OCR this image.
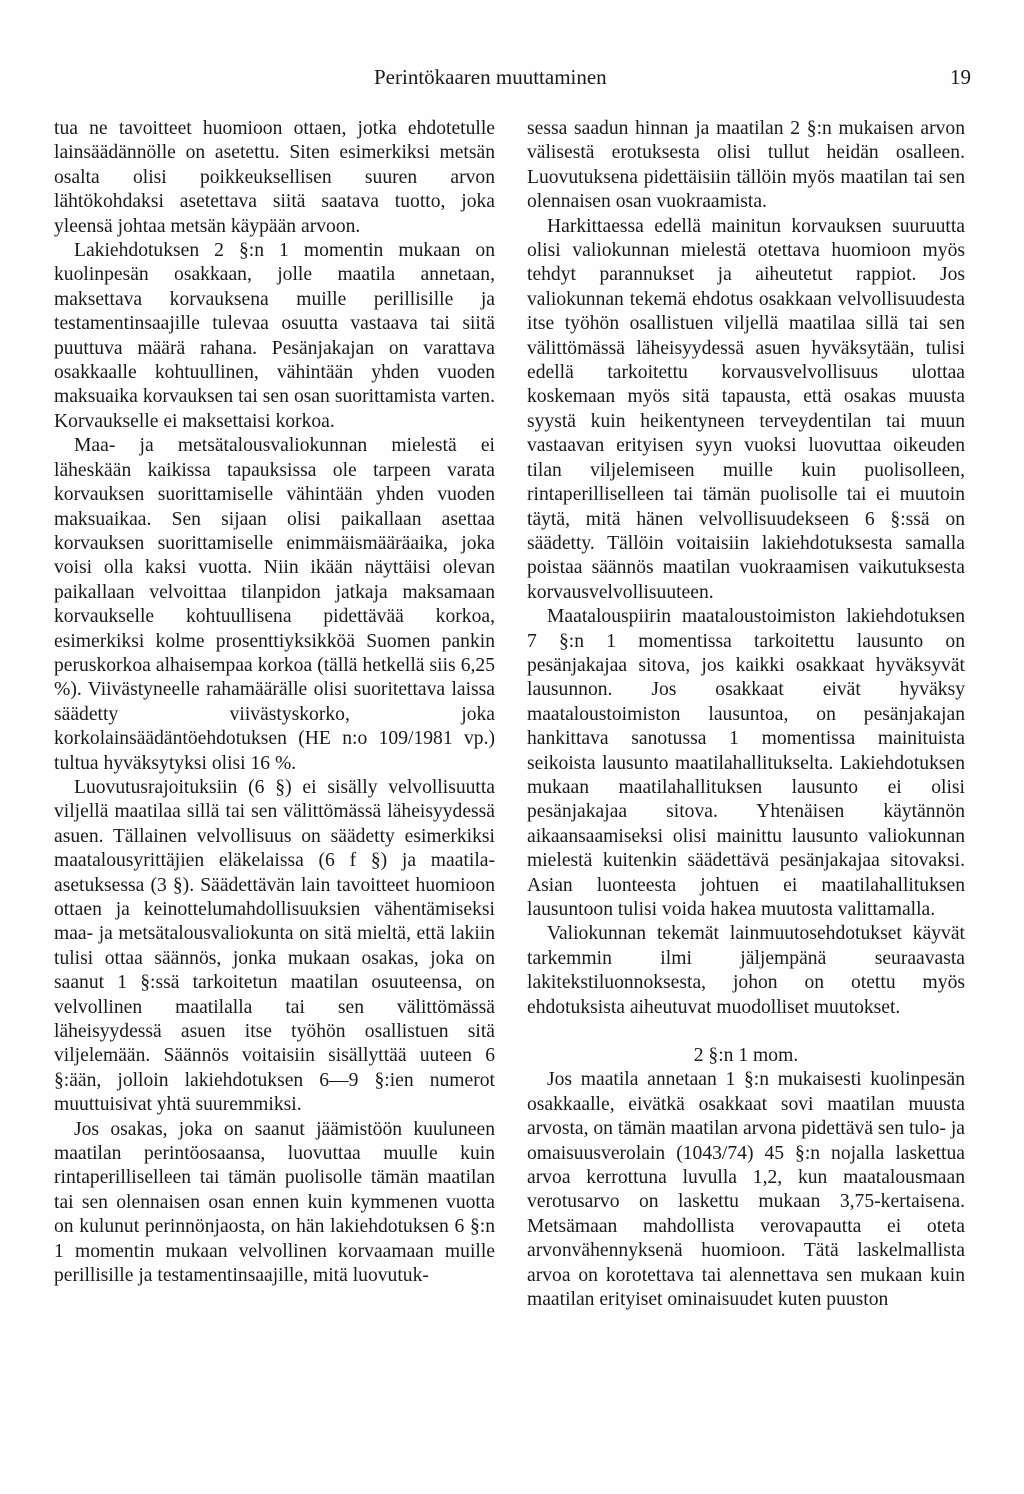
Perintökaaren muuttaminen	19

tua ne tavoitteet huomioon ottaen, jotka ehdotetulle lainsäädännölle on asetettu. Siten esimerkiksi metsän osalta olisi poikkeuksellisen suuren arvon lähtökohdaksi asetettava siitä saatava tuotto, joka yleensä johtaa metsän käypään arvoon.

Lakiehdotuksen 2 §:n 1 momentin mukaan on kuolinpesän osakkaan, jolle maatila annetaan, maksettava korvauksena muille perillisille ja testamentinsaajille tulevaa osuutta vastaava tai siitä puuttuva määrä rahana. Pesänjakajan on varattava osakkaalle kohtuullinen, vähintään yhden vuoden maksuaika korvauksen tai sen osan suorittamista varten. Korvaukselle ei maksettaisi korkoa.

Maa- ja metsätalousvaliokunnan mielestä ei läheskään kaikissa tapauksissa ole tarpeen varata korvauksen suorittamiselle vähintään yhden vuoden maksuaikaa. Sen sijaan olisi paikallaan asettaa korvauksen suorittamiselle enimmäismääräaika, joka voisi olla kaksi vuotta. Niin ikään näyttäisi olevan paikallaan velvoittaa tilanpidon jatkaja maksamaan korvaukselle kohtuullisena pidettävää korkoa, esimerkiksi kolme prosenttiyksikköä Suomen pankin peruskorkoa alhaisempaa korkoa (tällä hetkellä siis 6,25 %). Viivästyneelle rahamäärälle olisi suoritettava laissa säädetty viivästyskorko, joka korkolainsäädäntöehdotuksen (HE n:o 109/1981 vp.) tultua hyväksytyksi olisi 16 %.

Luovutusrajoituksiin (6 §) ei sisälly velvollisuutta viljellä maatilaa sillä tai sen välittömässä läheisyydessä asuen. Tällainen velvollisuus on säädetty esimerkiksi maatalousyrittäjien eläkelaissa (6 f §) ja maatila-asetuksessa (3 §). Säädettävän lain tavoitteet huomioon ottaen ja keinottelumahdollisuuksien vähentämiseksi maa- ja metsätalousvaliokunta on sitä mieltä, että lakiin tulisi ottaa säännös, jonka mukaan osakas, joka on saanut 1 §:ssä tarkoitetun maatilan osuuteensa, on velvollinen maatilalla tai sen välittömässä läheisyydessä asuen itse työhön osallistuen sitä viljelemään. Säännös voitaisiin sisällyttää uuteen 6 §:ään, jolloin lakiehdotuksen 6—9 §:ien numerot muuttuisivat yhtä suuremmiksi.

Jos osakas, joka on saanut jäämistöön kuuluneen maatilan perintöosaansa, luovuttaa muulle kuin rintaperilliselleen tai tämän puolisolle tämän maatilan tai sen olennaisen osan ennen kuin kymmenen vuotta on kulunut perinnönjaosta, on hän lakiehdotuksen 6 §:n 1 momentin mukaan velvollinen korvaamaan muille perillisille ja testamentinsaajille, mitä luovutuk-

sessa saadun hinnan ja maatilan 2 §:n mukaisen arvon välisestä erotuksesta olisi tullut heidän osalleen. Luovutuksena pidettäisiin tällöin myös maatilan tai sen olennaisen osan vuokraamista.

Harkittaessa edellä mainitun korvauksen suuruutta olisi valiokunnan mielestä otettava huomioon myös tehdyt parannukset ja aiheutetut rappiot. Jos valiokunnan tekemä ehdotus osakkaan velvollisuudesta itse työhön osallistuen viljellä maatilaa sillä tai sen välittömässä läheisyydessä asuen hyväksytään, tulisi edellä tarkoitettu korvausvelvollisuus ulottaa koskemaan myös sitä tapausta, että osakas muusta syystä kuin heikentyneen terveydentilan tai muun vastaavan erityisen syyn vuoksi luovuttaa oikeuden tilan viljelemiseen muille kuin puolisolleen, rintaperilliselleen tai tämän puolisolle tai ei muutoin täytä, mitä hänen velvollisuudekseen 6 §:ssä on säädetty. Tällöin voitaisiin lakiehdotuksesta samalla poistaa säännös maatilan vuokraamisen vaikutuksesta korvausvelvollisuuteen.

Maatalouspiirin maataloustoimiston lakiehdotuksen 7 §:n 1 momentissa tarkoitettu lausunto on pesänjakajaa sitova, jos kaikki osakkaat hyväksyvät lausunnon. Jos osakkaat eivät hyväksy maataloustoimiston lausuntoa, on pesänjakajan hankittava sanotussa 1 momentissa mainituista seikoista lausunto maatilahallitukselta. Lakiehdotuksen mukaan maatilahallituksen lausunto ei olisi pesänjakajaa sitova. Yhtenäisen käytännön aikaansaamiseksi olisi mainittu lausunto valiokunnan mielestä kuitenkin säädettävä pesänjakajaa sitovaksi. Asian luonteesta johtuen ei maatilahallituksen lausuntoon tulisi voida hakea muutosta valittamalla.

Valiokunnan tekemät lainmuutosehdotukset käyvät tarkemmin ilmi jäljempänä seuraavasta lakitekstiluonnoksesta, johon on otettu myös ehdotuksista aiheutuvat muodolliset muutokset.

2 §:n 1 mom.

Jos maatila annetaan 1 §:n mukaisesti kuolinpesän osakkaalle, eivätkä osakkaat sovi maatilan muusta arvosta, on tämän maatilan arvona pidettävä sen tulo- ja omaisuusverolain (1043/74) 45 §:n nojalla laskettua arvoa kerrottuna luvulla 1,2, kun maatalousmaan verotusarvo on laskettu mukaan 3,75-kertaisena. Metsämaan mahdollista verovapautta ei oteta arvonvähennyksenä huomioon. Tätä laskelmallista arvoa on korotettava tai alennettava sen mukaan kuin maatilan erityiset ominaisuudet kuten puuston
